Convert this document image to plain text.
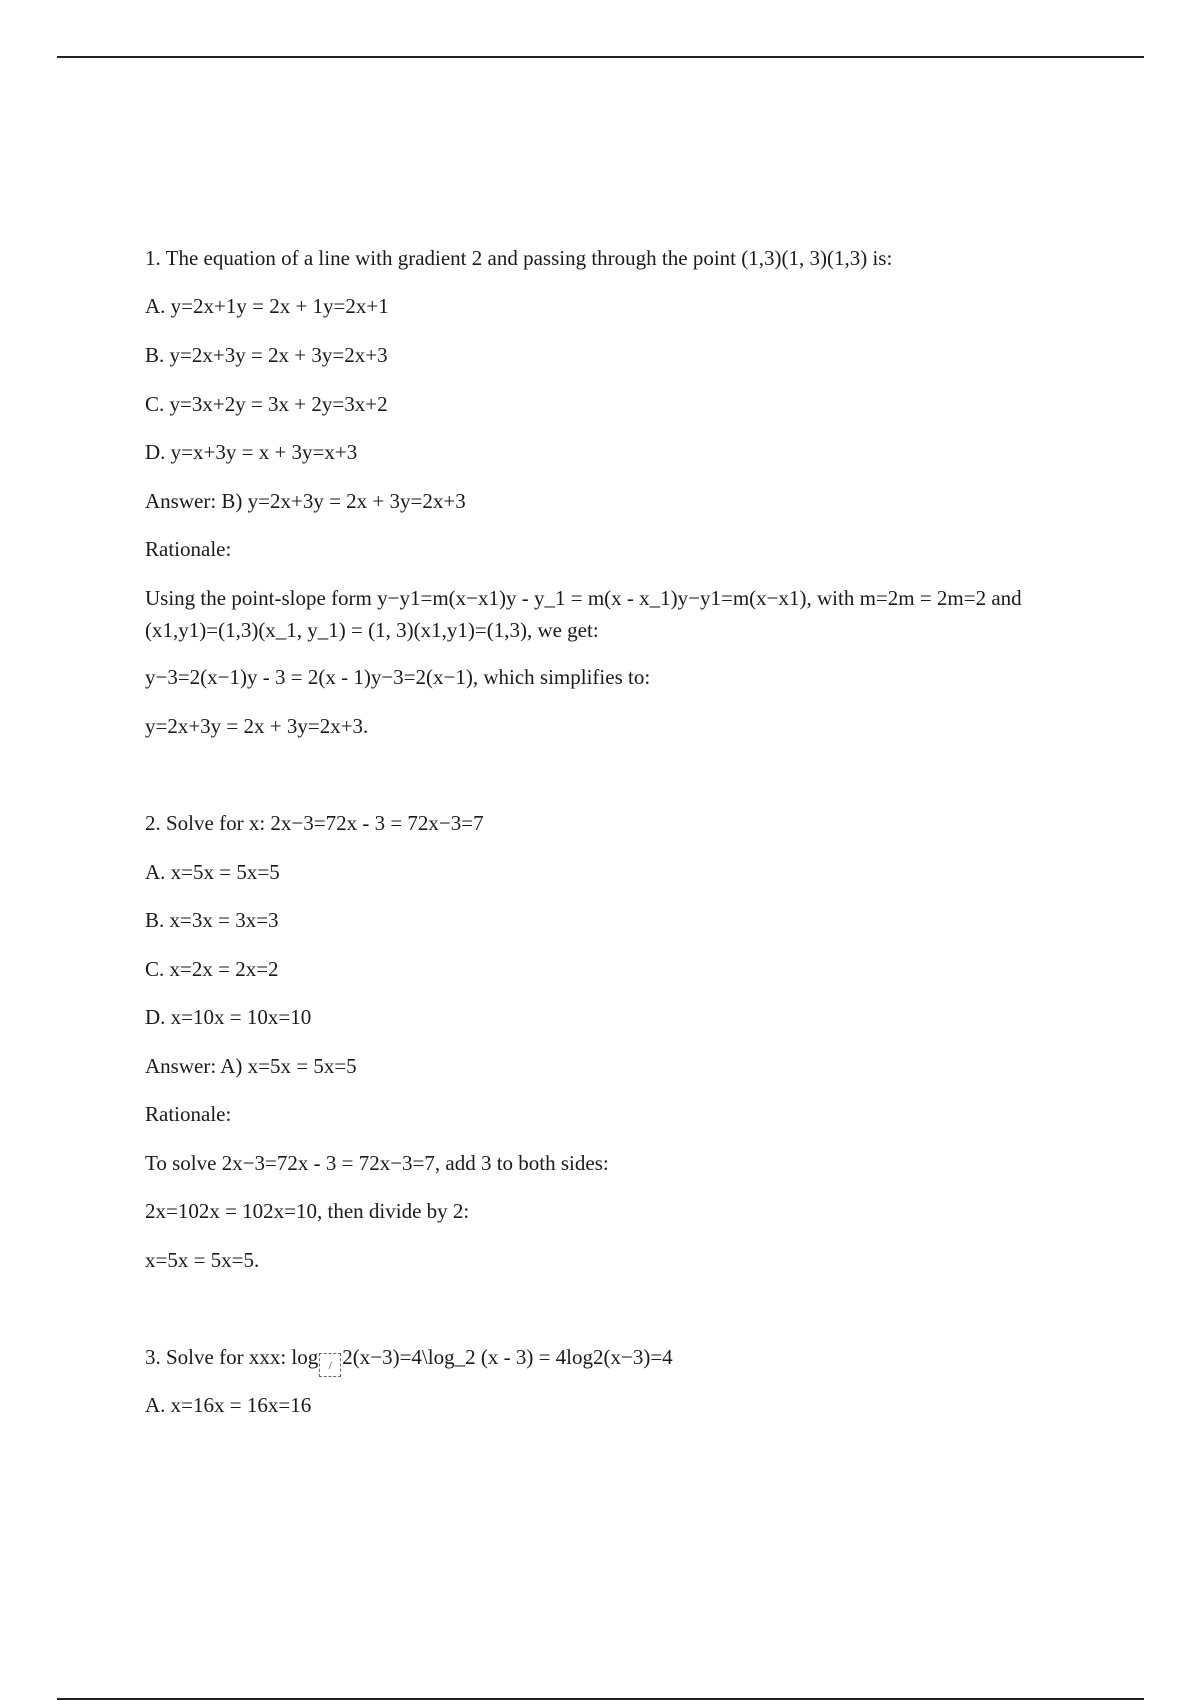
1. The equation of a line with gradient 2 and passing through the point (1,3)(1, 3)(1,3) is:
A. y=2x+1y = 2x + 1y=2x+1
B. y=2x+3y = 2x + 3y=2x+3
C. y=3x+2y = 3x + 2y=3x+2
D. y=x+3y = x + 3y=x+3
Answer: B) y=2x+3y = 2x + 3y=2x+3
Rationale:
Using the point-slope form y−y1=m(x−x1)y - y_1 = m(x - x_1)y−y1=m(x−x1), with m=2m = 2m=2 and (x1,y1)=(1,3)(x_1, y_1) = (1, 3)(x1,y1)=(1,3), we get:
y−3=2(x−1)y - 3 = 2(x - 1)y−3=2(x−1), which simplifies to:
y=2x+3y = 2x + 3y=2x+3.
2. Solve for x: 2x−3=72x - 3 = 72x−3=7
A. x=5x = 5x=5
B. x=3x = 3x=3
C. x=2x = 2x=2
D. x=10x = 10x=10
Answer: A) x=5x = 5x=5
Rationale:
To solve 2x−3=72x - 3 = 72x−3=7, add 3 to both sides:
2x=102x = 102x=10, then divide by 2:
x=5x = 5x=5.
3. Solve for xxx: log / 2(x−3)=4\log_2 (x - 3) = 4log2(x−3)=4
A. x=16x = 16x=16
